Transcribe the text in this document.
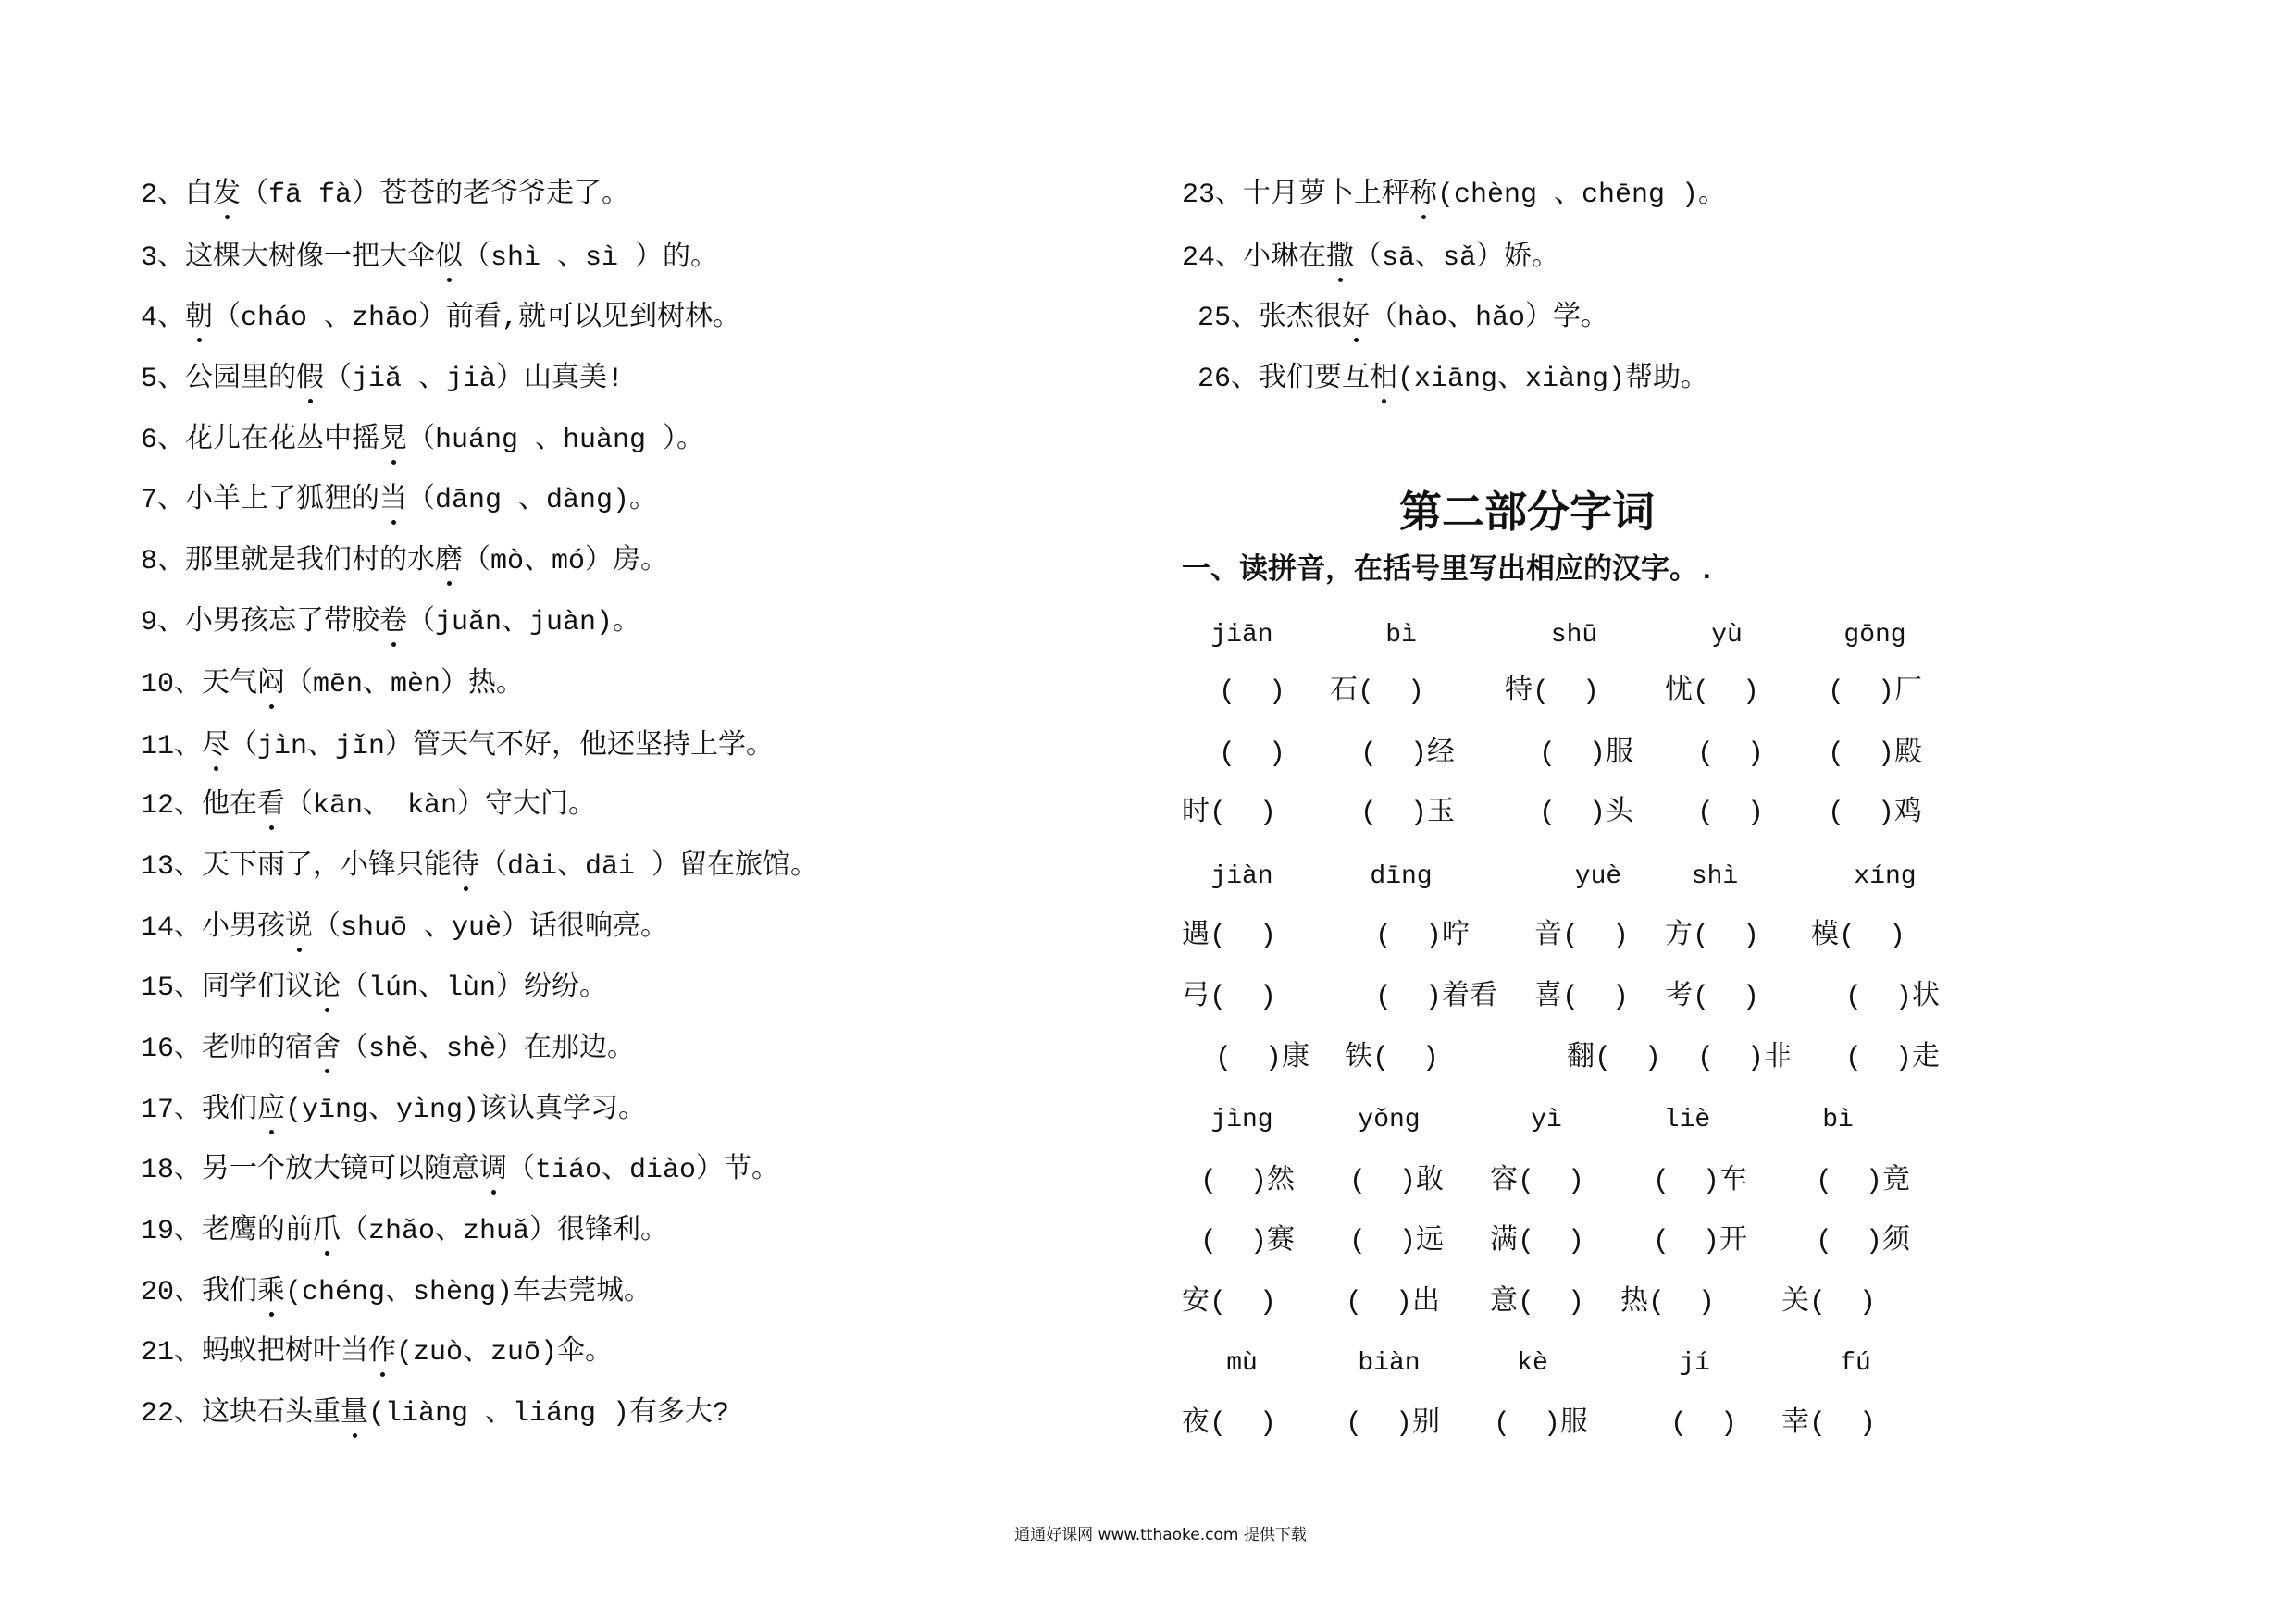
2、白发（fā fà）苍苍的老爷爷走了。
3、这棵大树像一把大伞似（shì 、sì ）的。
4、朝（cháo 、zhāo）前看,就可以见到树林。
5、公园里的假（jiǎ 、jià）山真美!
6、花儿在花丛中摇晃（huáng 、huàng ）。
7、小羊上了狐狸的当（dāng 、dàng)。
8、那里就是我们村的水磨（mò、mó）房。
9、小男孩忘了带胶卷（juǎn、juàn)。
10、天气闷（mēn、mèn）热。
11、尽（jìn、jǐn）管天气不好，他还坚持上学。
12、他在看（kān、 kàn）守大门。
13、天下雨了，小锋只能待（dài、dāi ）留在旅馆。
14、小男孩说（shuō 、yuè）话很响亮。
15、同学们议论（lún、lùn）纷纷。
16、老师的宿舍（shě、shè）在那边。
17、我们应(yīng、yìng)该认真学习。
18、另一个放大镜可以随意调（tiáo、diào）节。
19、老鹰的前爪（zhǎo、zhuǎ）很锋利。
20、我们乘(chéng、shèng)车去莞城。
21、蚂蚁把树叶当作(zuò、zuō)伞。
22、这块石头重量(liàng 、liáng )有多大?
23、十月萝卜上秤称(chèng 、chēng )。
24、小琳在撒（sā、sǎ）娇。
25、张杰很好（hào、hǎo）学。
26、我们要互相(xiāng、xiàng)帮助。
第二部分字词
一、读拼音，在括号里写出相应的汉字。.
jiān	bì	shū	yù	gōng
(  ) 石(  )	特(  ) 忧(  ) (  )厂
(  )	(  )经	(  )服 (  ) (  )殿
时(  )	(  )玉	(  )头 (  ) (  )鸡
jiàn	dīng	yuè	shì	xíng
遇(  )	(  )咛 音(  ) 方(  ) 模(  )
弓(  )	(  )着看 喜(  ) 考(  )	(  )状
(  )康 铁(  )	翻(  ) (  )非 (  )走
jìng	yǒng	yì	liè	bì
(  )然 (  )敢 容(  ) (  )车 (  )竟
(  )赛 (  )远 满(  ) (  )开 (  )须
安(  ) (  )出 意(  ) 热(  ) 关(  )
mù	biàn	kè	jí	fú
夜(  ) (  )别 (  )服	(  ) 幸(  )
通通好课网 www.tthaoke.com 提供下载
